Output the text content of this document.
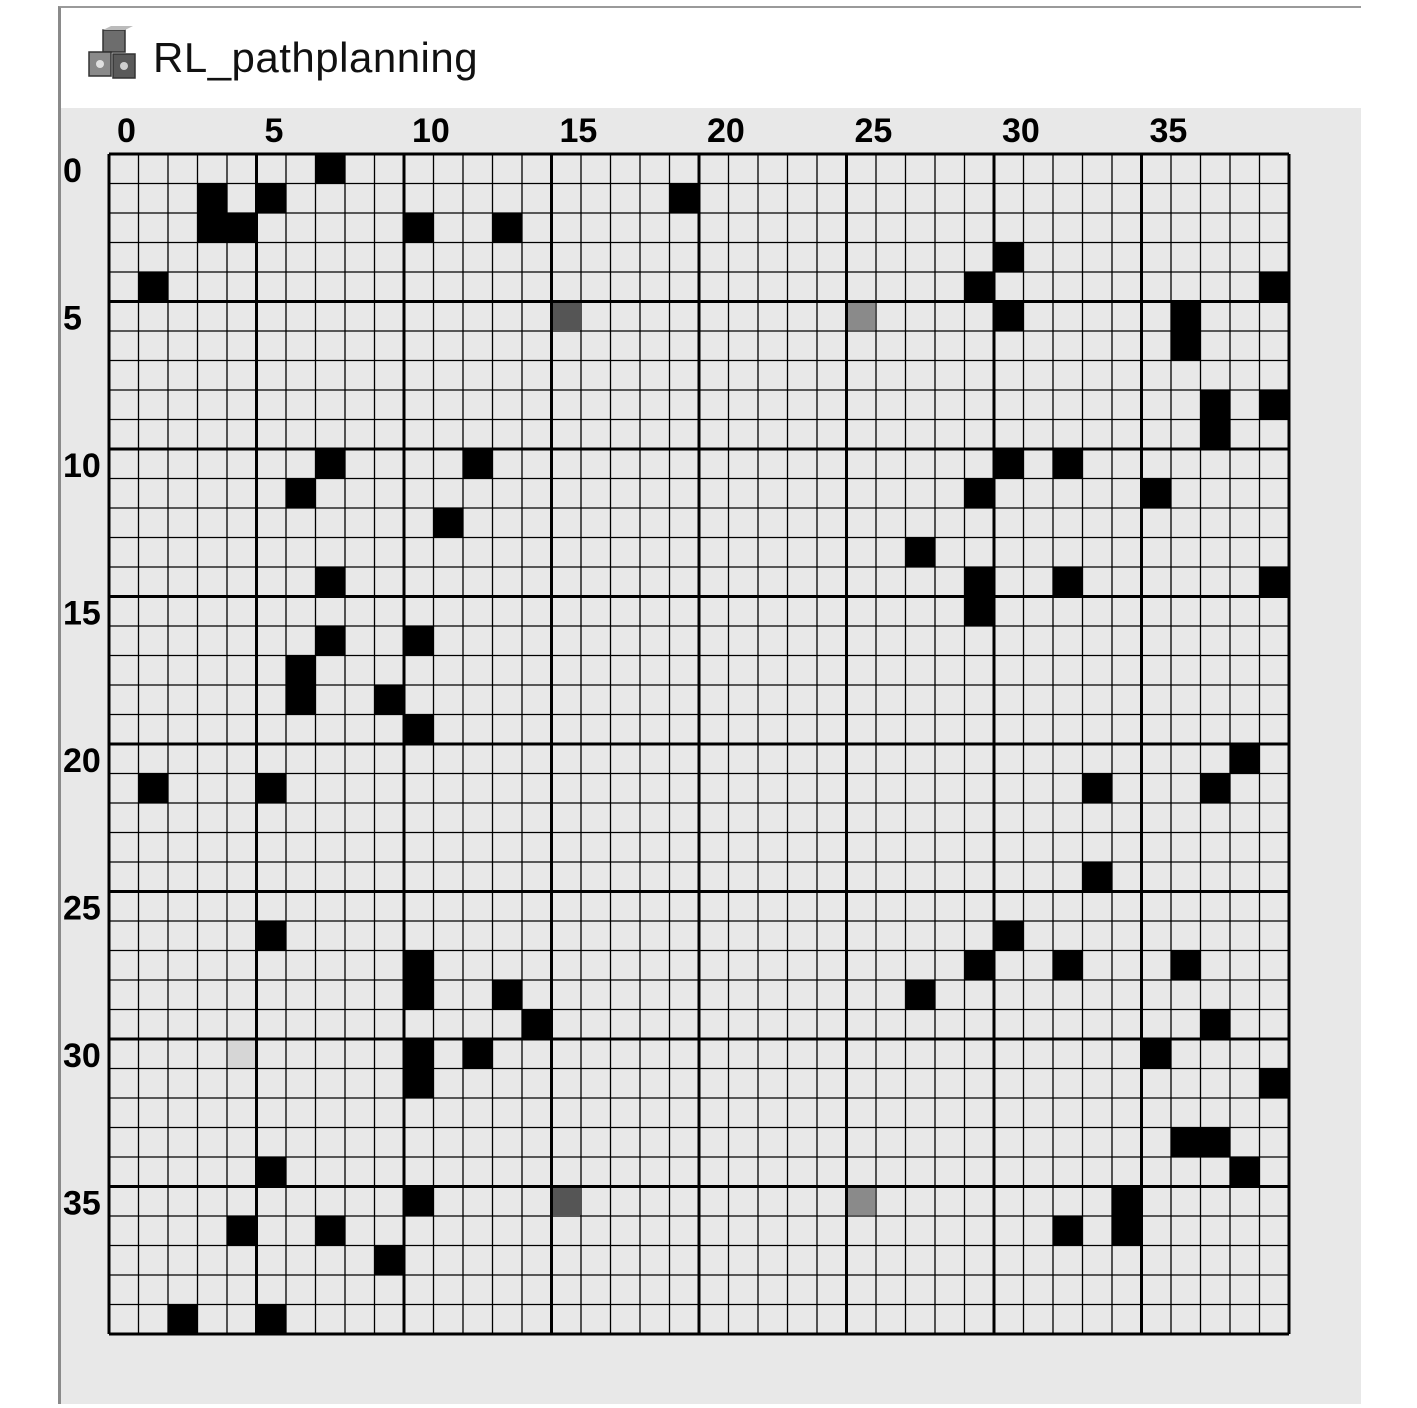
RL_pathplanning
0	5	10	15	20	25	30	35
0
5
10
15
20
25
30
35
